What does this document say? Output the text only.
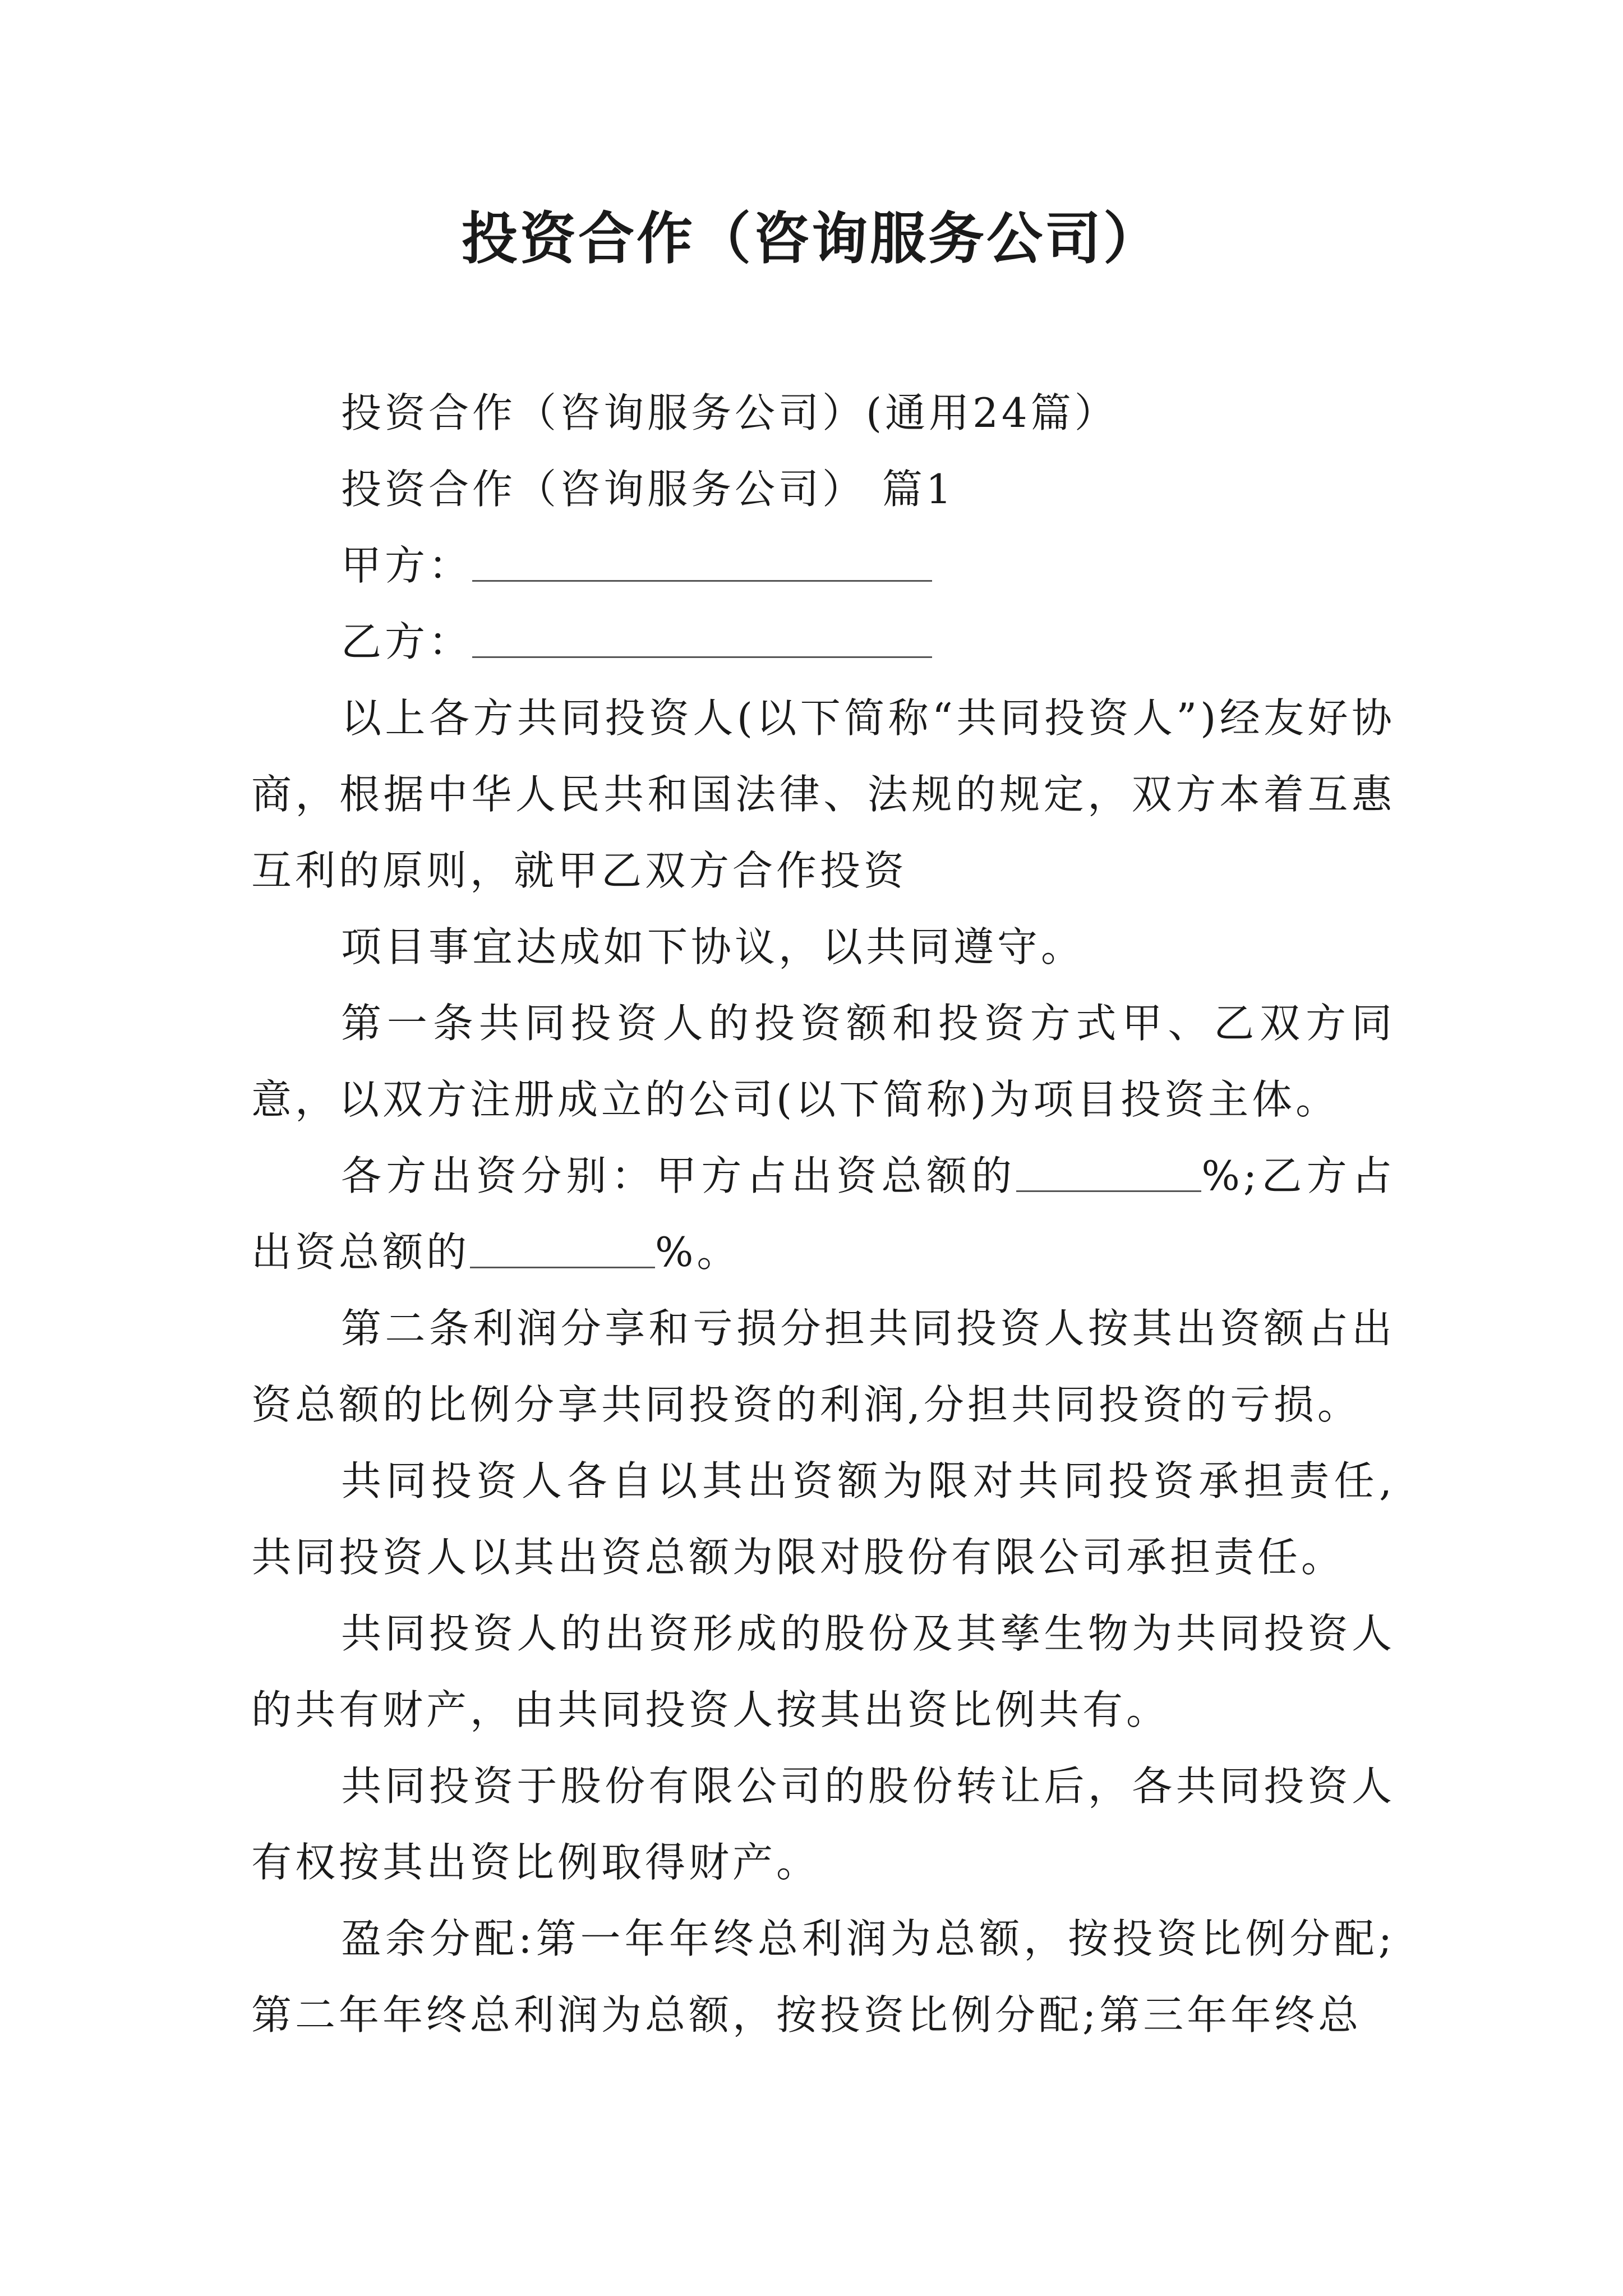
投资合作（咨询服务公司）

投资合作（咨询服务公司）(通用24篇）

投资合作（咨询服务公司） 篇1

甲方：

乙方：

以上各方共同投资人(以下简称“共同投资人”)经友好协商，根据中华人民共和国法律、法规的规定，双方本着互惠互利的原则，就甲乙双方合作投资

项目事宜达成如下协议，以共同遵守。

第一条共同投资人的投资额和投资方式甲、乙双方同意，以双方注册成立的公司(以下简称)为项目投资主体。

各方出资分别：甲方占出资总额的	%;乙方占出资总额的	%。

第二条利润分享和亏损分担共同投资人按其出资额占出资总额的比例分享共同投资的利润,分担共同投资的亏损。

共同投资人各自以其出资额为限对共同投资承担责任,共同投资人以其出资总额为限对股份有限公司承担责任。

共同投资人的出资形成的股份及其孳生物为共同投资人的共有财产，由共同投资人按其出资比例共有。

共同投资于股份有限公司的股份转让后，各共同投资人有权按其出资比例取得财产。

盈余分配:第一年年终总利润为总额，按投资比例分配;第二年年终总利润为总额，按投资比例分配;第三年年终总
